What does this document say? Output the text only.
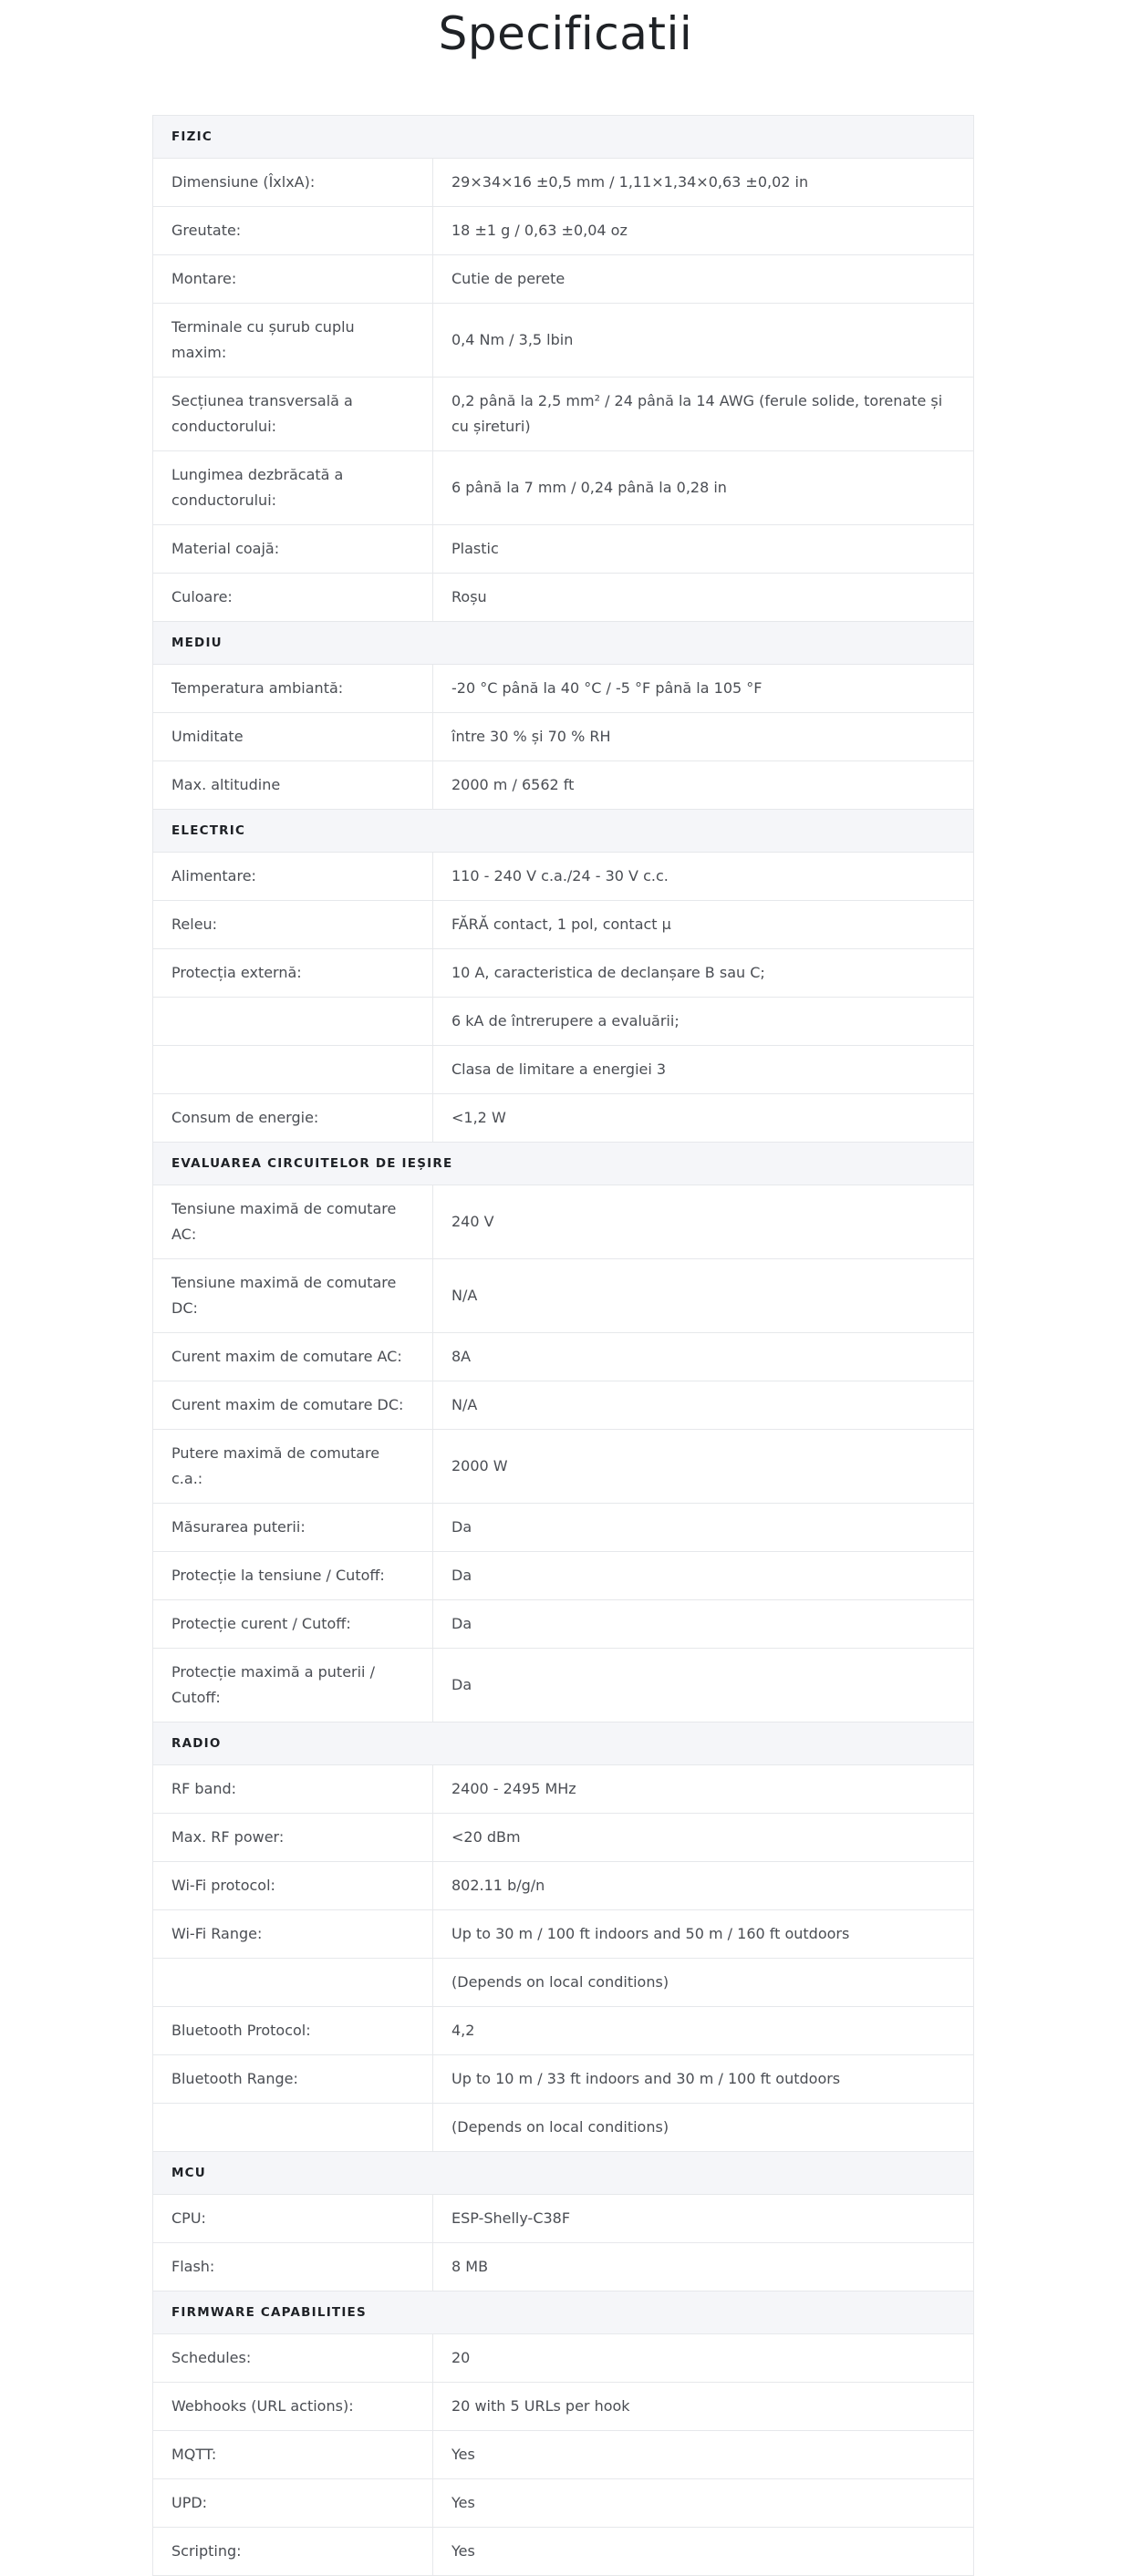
Specificatii
FIZIC	
Dimensiune (ÎxlxA):	29×34×16 ±0,5 mm / 1,11×1,34×0,63 ±0,02 in
Greutate:	18 ±1 g / 0,63 ±0,04 oz
Montare:	Cutie de perete
Terminale cu șurub cuplu maxim:	0,4 Nm / 3,5 lbin
Secțiunea transversală a conductorului:	0,2 până la 2,5 mm² / 24 până la 14 AWG (ferule solide, torenate și cu șireturi)
Lungimea dezbrăcată a conductorului:	6 până la 7 mm / 0,24 până la 0,28 in
Material coajă:	Plastic
Culoare:	Roșu
MEDIU	
Temperatura ambiantă:	-20 °C până la 40 °C / -5 °F până la 105 °F
Umiditate	între 30 % și 70 % RH
Max. altitudine	2000 m / 6562 ft
ELECTRIC	
Alimentare:	110 - 240 V c.a./24 - 30 V c.c.
Releu:	FĂRĂ contact, 1 pol, contact μ
Protecția externă:	10 A, caracteristica de declanșare B sau C;
	6 kA de întrerupere a evaluării;
	Clasa de limitare a energiei 3
Consum de energie:	<1,2 W
EVALUAREA CIRCUITELOR DE IEȘIRE	
Tensiune maximă de comutare AC:	240 V
Tensiune maximă de comutare DC:	N/A
Curent maxim de comutare AC:	8A
Curent maxim de comutare DC:	N/A
Putere maximă de comutare c.a.:	2000 W
Măsurarea puterii:	Da
Protecție la tensiune / Cutoff:	Da
Protecție curent / Cutoff:	Da
Protecție maximă a puterii / Cutoff:	Da
RADIO	
RF band:	2400 - 2495 MHz
Max. RF power:	<20 dBm
Wi-Fi protocol:	802.11 b/g/n
Wi-Fi Range:	Up to 30 m / 100 ft indoors and 50 m / 160 ft outdoors
	(Depends on local conditions)
Bluetooth Protocol:	4,2
Bluetooth Range:	Up to 10 m / 33 ft indoors and 30 m / 100 ft outdoors
	(Depends on local conditions)
MCU	
CPU:	ESP-Shelly-C38F
Flash:	8 MB
FIRMWARE CAPABILITIES	
Schedules:	20
Webhooks (URL actions):	20 with 5 URLs per hook
MQTT:	Yes
UPD:	Yes
Scripting:	Yes
